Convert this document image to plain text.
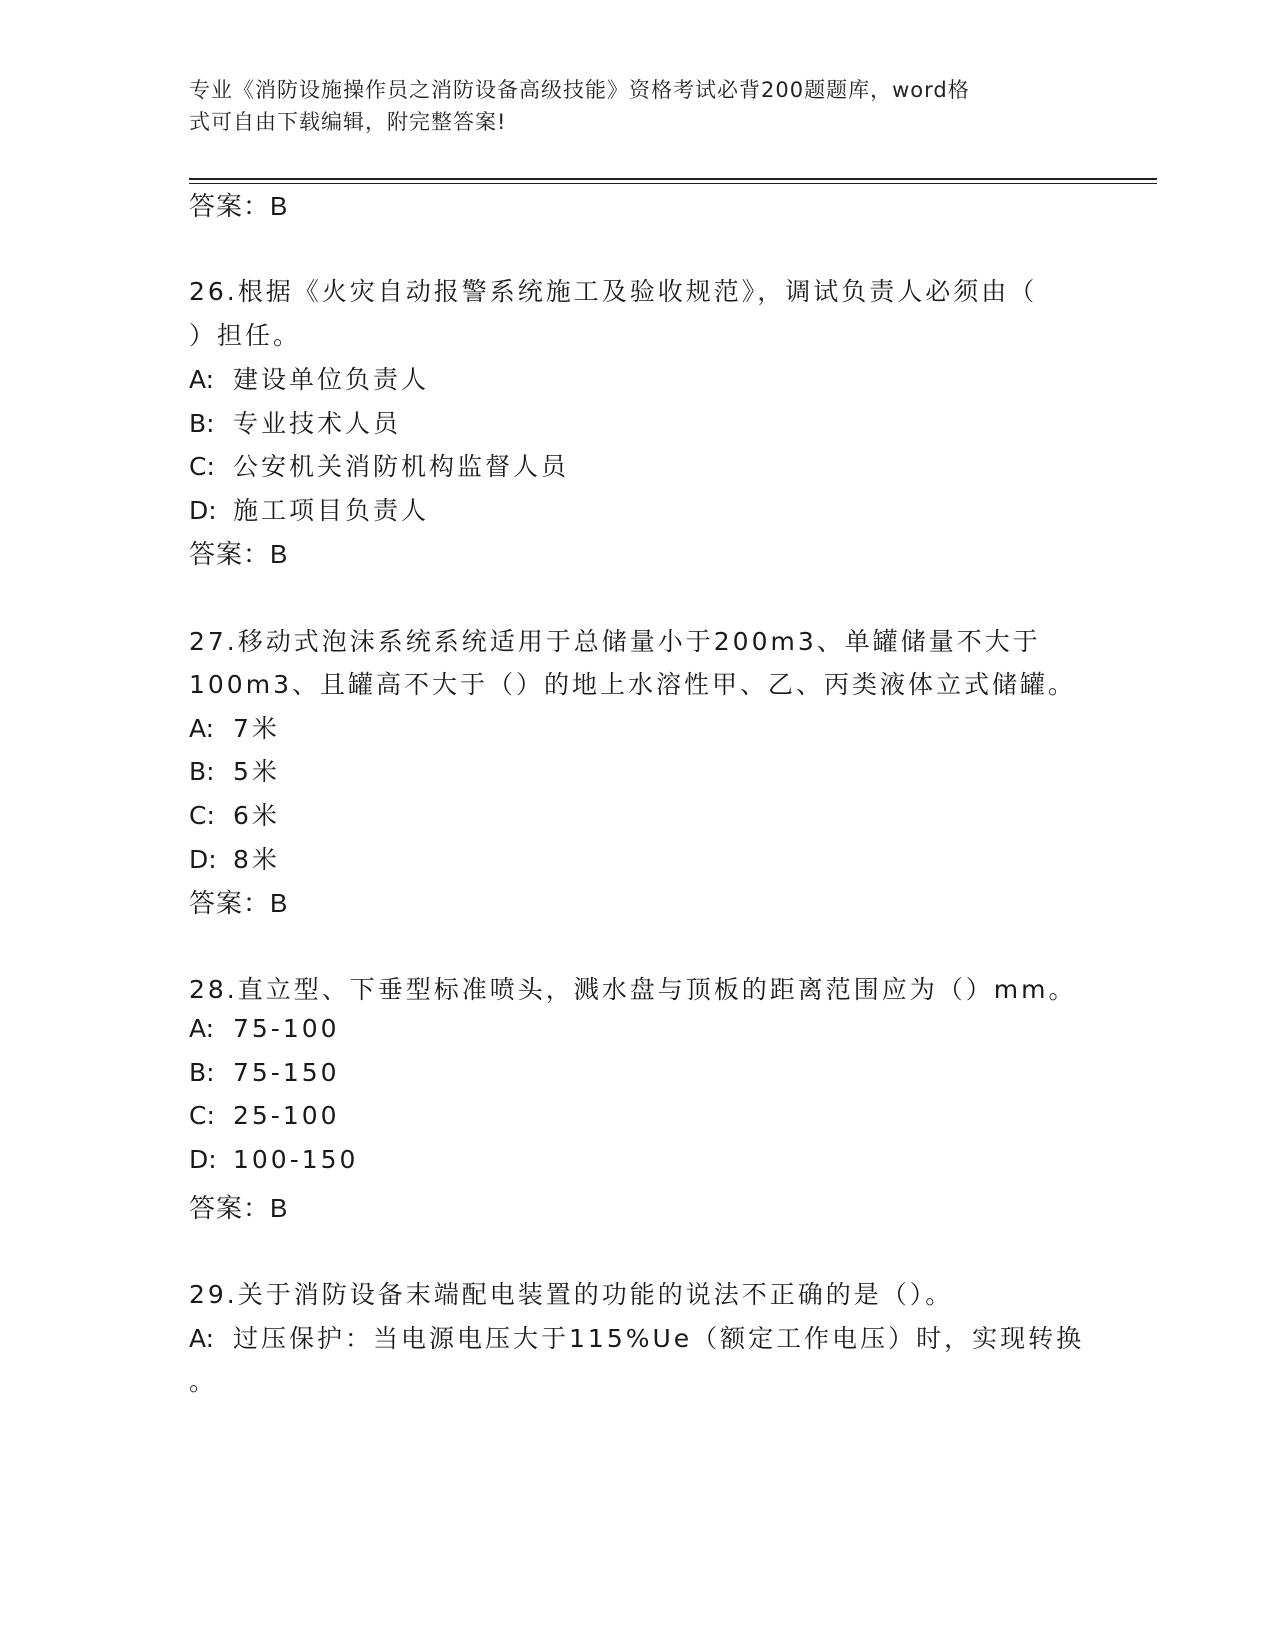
专业《消防设施操作员之消防设备高级技能》资格考试必背200题题库，word格
式可自由下载编辑，附完整答案!
答案：B
26.根据《火灾自动报警系统施工及验收规范》，调试负责人必须由（
）担任。
A: 建设单位负责人
B: 专业技术人员
C: 公安机关消防机构监督人员
D: 施工项目负责人
答案：B
27.移动式泡沫系统系统适用于总储量小于200m3、单罐储量不大于
100m3、且罐高不大于（）的地上水溶性甲、乙、丙类液体立式储罐。
A: 7米
B: 5米
C: 6米
D: 8米
答案：B
28.直立型、下垂型标准喷头，溅水盘与顶板的距离范围应为（）mm。
A: 75-100
B: 75-150
C: 25-100
D: 100-150
答案：B
29.关于消防设备末端配电装置的功能的说法不正确的是（）。
A: 过压保护：当电源电压大于115%Ue（额定工作电压）时，实现转换
。
